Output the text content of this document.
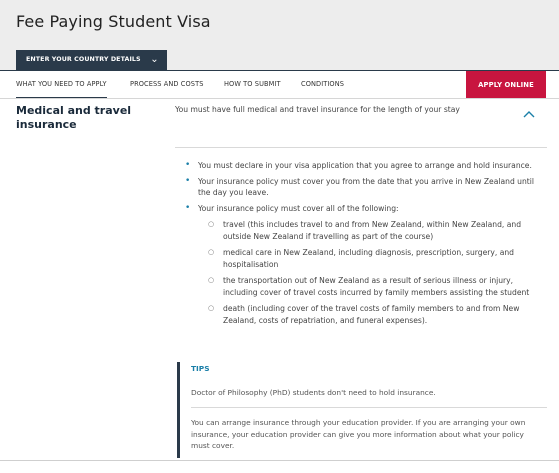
Fee Paying Student Visa
ENTER YOUR COUNTRY DETAILS ⌄
WHAT YOU NEED TO APPLY	PROCESS AND COSTS	HOW TO SUBMIT	CONDITIONS	APPLY ONLINE
Medical and travel insurance
You must have full medical and travel insurance for the length of your stay
• You must declare in your visa application that you agree to arrange and hold insurance.
• Your insurance policy must cover you from the date that you arrive in New Zealand until the day you leave.
• Your insurance policy must cover all of the following:
○ travel (this includes travel to and from New Zealand, within New Zealand, and outside New Zealand if travelling as part of the course)
○ medical care in New Zealand, including diagnosis, prescription, surgery, and hospitalisation
○ the transportation out of New Zealand as a result of serious illness or injury, including cover of travel costs incurred by family members assisting the student
○ death (including cover of the travel costs of family members to and from New Zealand, costs of repatriation, and funeral expenses).
TIPS
Doctor of Philosophy (PhD) students don't need to hold insurance.
You can arrange insurance through your education provider. If you are arranging your own insurance, your education provider can give you more information about what your policy must cover.
